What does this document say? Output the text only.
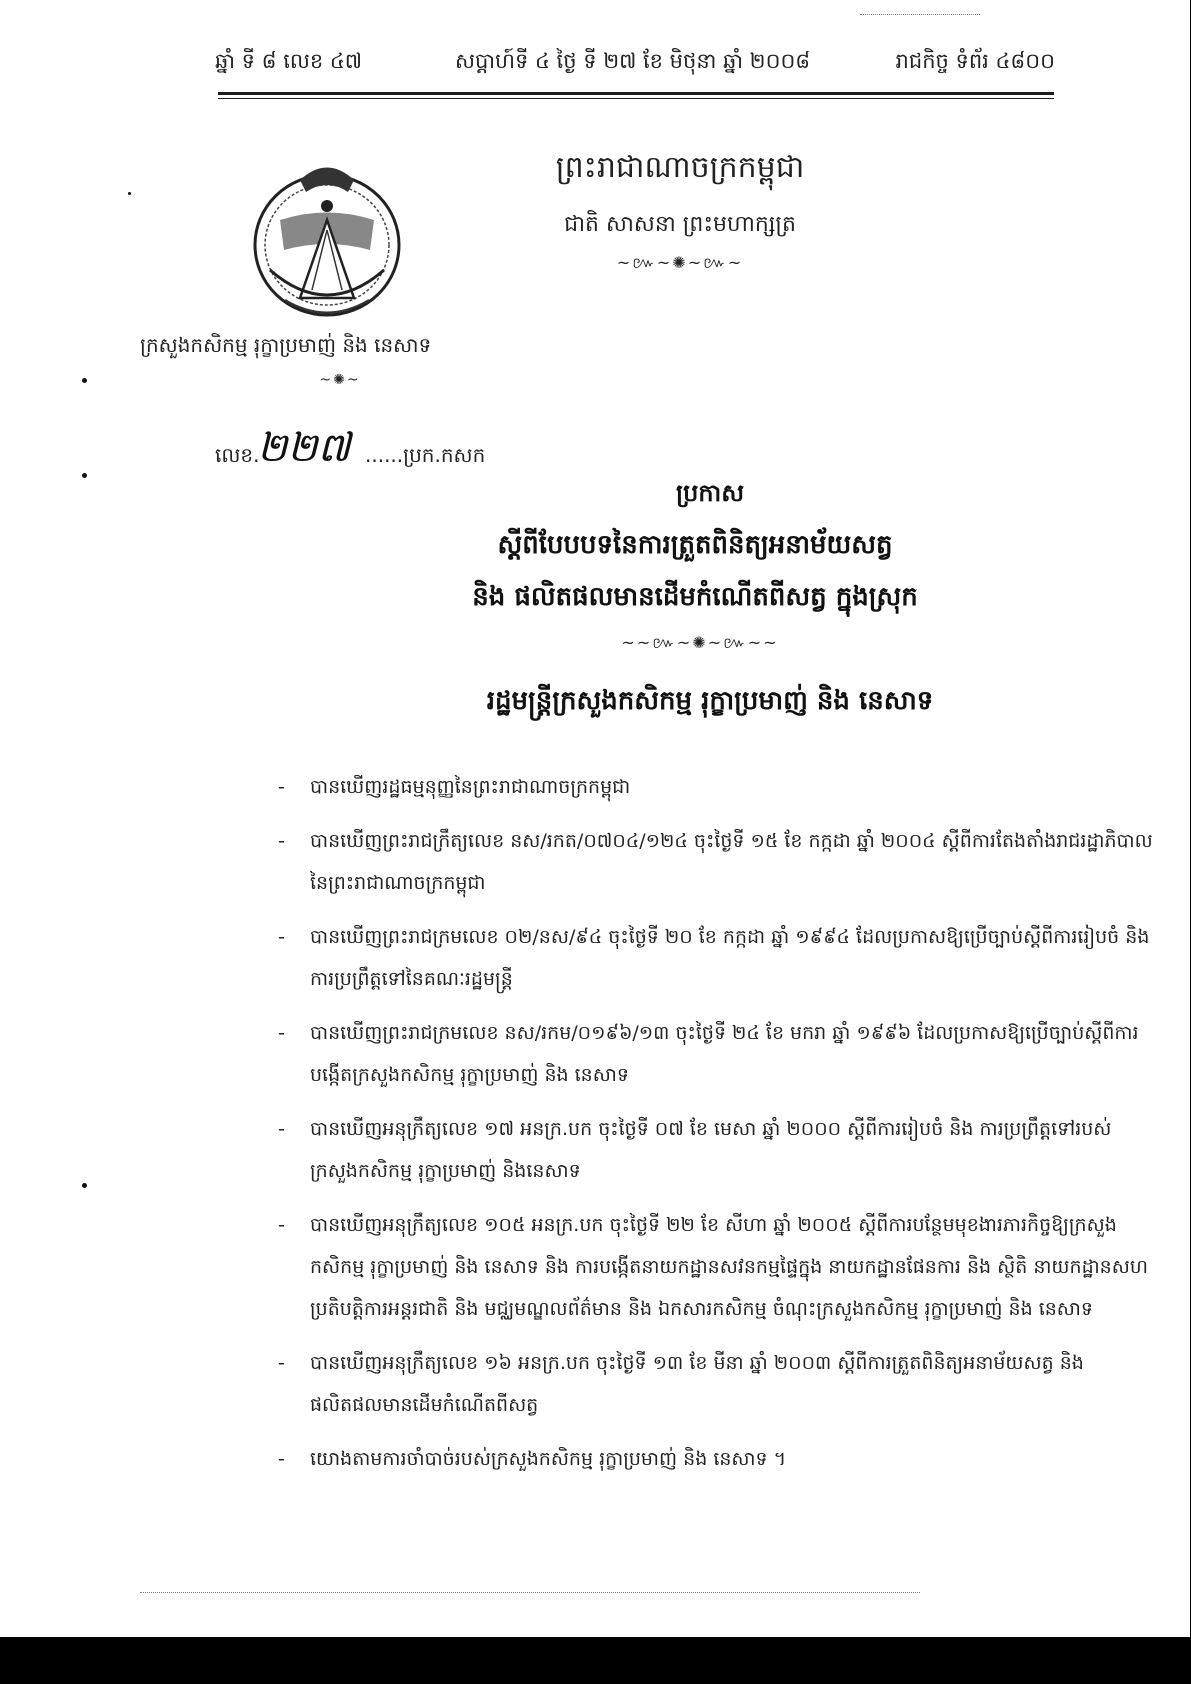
ឆ្នាំ ទី ៨ លេខ ៤៧	សប្តាហ៍ទី ៤ ថ្ងៃ ទី ២៧ ខែ មិថុនា ឆ្នាំ ២០០៨	រាជកិច្ច ទំព័រ ៤៨០០
ព្រះរាជាណាចក្រកម្ពុជា
ជាតិ សាសនា ព្រះមហាក្សត្រ
~៚~✺~៚~
ក្រសួងកសិកម្ម រុក្ខាប្រមាញ់ និង នេសាទ
~✺~
លេខ.
២២៧ ......ប្រក.កសក
ប្រកាស
ស្តីពីបែបបទនៃការត្រួតពិនិត្យអនាម័យសត្វ
និង ផលិតផលមានដើមកំណើតពីសត្វ ក្នុងស្រុក
~~៚~✺~៚~~
រដ្ឋមន្ត្រីក្រសួងកសិកម្ម រុក្ខាប្រមាញ់ និង នេសាទ
- បានឃើញរដ្ឋធម្មនុញ្ញនៃព្រះរាជាណាចក្រកម្ពុជា
- បានឃើញព្រះរាជក្រឹត្យលេខ នស/រកត/០៧០៤/១២៤ ចុះថ្ងៃទី ១៥ ខែ កក្កដា ឆ្នាំ ២០០៤ ស្តីពីការតែងតាំងរាជរដ្ឋាភិបាលនៃព្រះរាជាណាចក្រកម្ពុជា
- បានឃើញព្រះរាជក្រមលេខ ០២/នស/៩៤ ចុះថ្ងៃទី ២០ ខែ កក្កដា ឆ្នាំ ១៩៩៤ ដែលប្រកាសឱ្យប្រើច្បាប់ស្តីពីការរៀបចំ និង ការប្រព្រឹត្តទៅនៃគណៈរដ្ឋមន្ត្រី
- បានឃើញព្រះរាជក្រមលេខ នស/រកម/០១៩៦/១៣ ចុះថ្ងៃទី ២៤ ខែ មករា ឆ្នាំ ១៩៩៦ ដែលប្រកាសឱ្យប្រើច្បាប់ស្តីពីការបង្កើតក្រសួងកសិកម្ម រុក្ខាប្រមាញ់ និង នេសាទ
- បានឃើញអនុក្រឹត្យលេខ ១៧ អនក្រ.បក ចុះថ្ងៃទី ០៧ ខែ មេសា ឆ្នាំ ២០០០ ស្តីពីការរៀបចំ និង ការប្រព្រឹត្តទៅរបស់ក្រសួងកសិកម្ម រុក្ខាប្រមាញ់ និងនេសាទ
- បានឃើញអនុក្រឹត្យលេខ ១០៥ អនក្រ.បក ចុះថ្ងៃទី ២២ ខែ សីហា ឆ្នាំ ២០០៥ ស្តីពីការបន្ថែមមុខងារភារកិច្ចឱ្យក្រសួងកសិកម្ម រុក្ខាប្រមាញ់ និង នេសាទ និង ការបង្កើតនាយកដ្ឋានសវនកម្មផ្ទៃក្នុង នាយកដ្ឋានផែនការ និង ស្ថិតិ នាយកដ្ឋានសហប្រតិបត្តិការអន្តរជាតិ និង មជ្ឈមណ្ឌលព័ត៌មាន និង ឯកសារកសិកម្ម ចំណុះក្រសួងកសិកម្ម រុក្ខាប្រមាញ់ និង នេសាទ
- បានឃើញអនុក្រឹត្យលេខ ១៦ អនក្រ.បក ចុះថ្ងៃទី ១៣ ខែ មីនា ឆ្នាំ ២០០៣ ស្តីពីការត្រួតពិនិត្យអនាម័យសត្វ និង ផលិតផលមានដើមកំណើតពីសត្វ
- យោងតាមការចាំបាច់របស់ក្រសួងកសិកម្ម រុក្ខាប្រមាញ់ និង នេសាទ ។
